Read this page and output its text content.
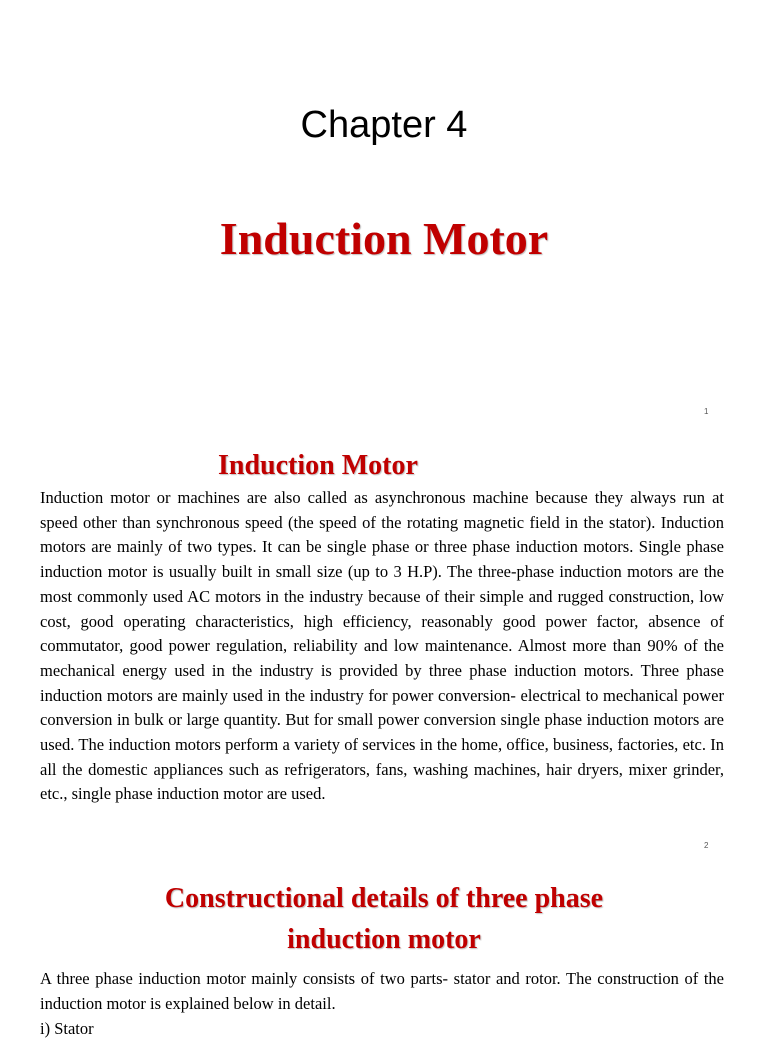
Chapter 4
Induction Motor
1
Induction Motor

Induction motor or machines are also called as asynchronous machine because they always run at speed other than synchronous speed (the speed of the rotating magnetic field in the stator). Induction motors are mainly of two types. It can be single phase or three phase induction motors. Single phase induction motor is usually built in small size (up to 3 H.P). The three-phase induction motors are the most commonly used AC motors in the industry because of their simple and rugged construction, low cost, good operating characteristics, high efficiency, reasonably good power factor, absence of commutator, good power regulation, reliability and low maintenance. Almost more than 90% of the mechanical energy used in the industry is provided by three phase induction motors. Three phase induction motors are mainly used in the industry for power conversion- electrical to mechanical power conversion in bulk or large quantity. But for small power conversion single phase induction motors are used. The induction motors perform a variety of services in the home, office, business, factories, etc. In all the domestic appliances such as refrigerators, fans, washing machines, hair dryers, mixer grinder, etc., single phase induction motor are used.

2
Constructional details of three phase
induction motor

A three phase induction motor mainly consists of two parts- stator and rotor. The construction of the induction motor is explained below in detail.

i) Stator
